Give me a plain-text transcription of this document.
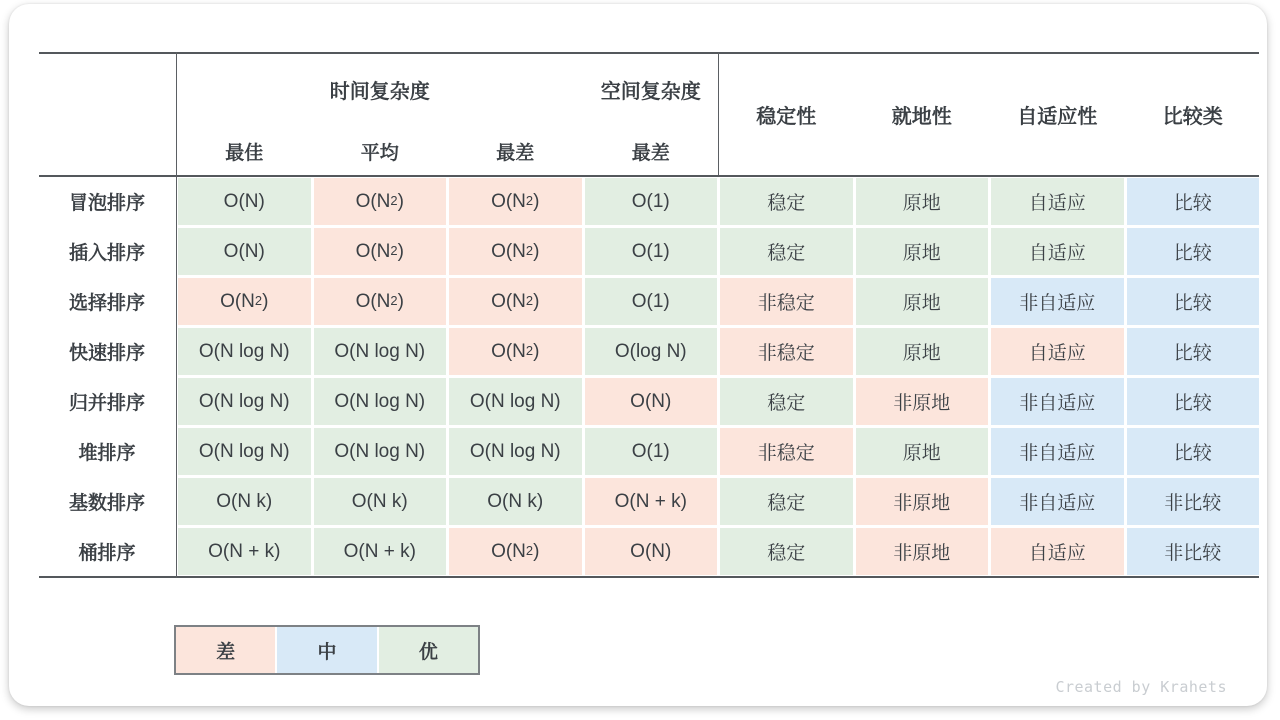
时间复杂度	空间复杂度
稳定性	就地性	自适应性	比较类
最佳	平均	最差	最差
冒泡排序	O(N)	$O(N^2$ )	$O(N^2$ )	O(1)	稳定	原地	自适应	比较
插入排序	O(N)	$O(N^2$ )	$O(N^2$ )	O(1)	稳定	原地	自适应	比较
选择排序	$O(N^2$ )	$O(N^2$ )	$O(N^2$ )	O(1)	非稳定	原地	非自适应	比较
快速排序	O(N log N)	O(N log N)	$O(N^2$ )	O(log N)	非稳定	原地	自适应	比较
归并排序	O(N log N)	O(N log N)	O(N log N)	O(N)	稳定	非原地	非自适应	比较
堆排序	O(N log N)	O(N log N)	O(N log N)	O(1)	非稳定	原地	非自适应	比较
基数排序	O(N k)	O(N k)	O(N k)	O(N + k)	稳定	非原地	非自适应	非比较
桶排序	O(N + k)	O(N + k)	$O(N^2$ )	O(N)	稳定	非原地	自适应	非比较
差	中	优
Created by Krahets
